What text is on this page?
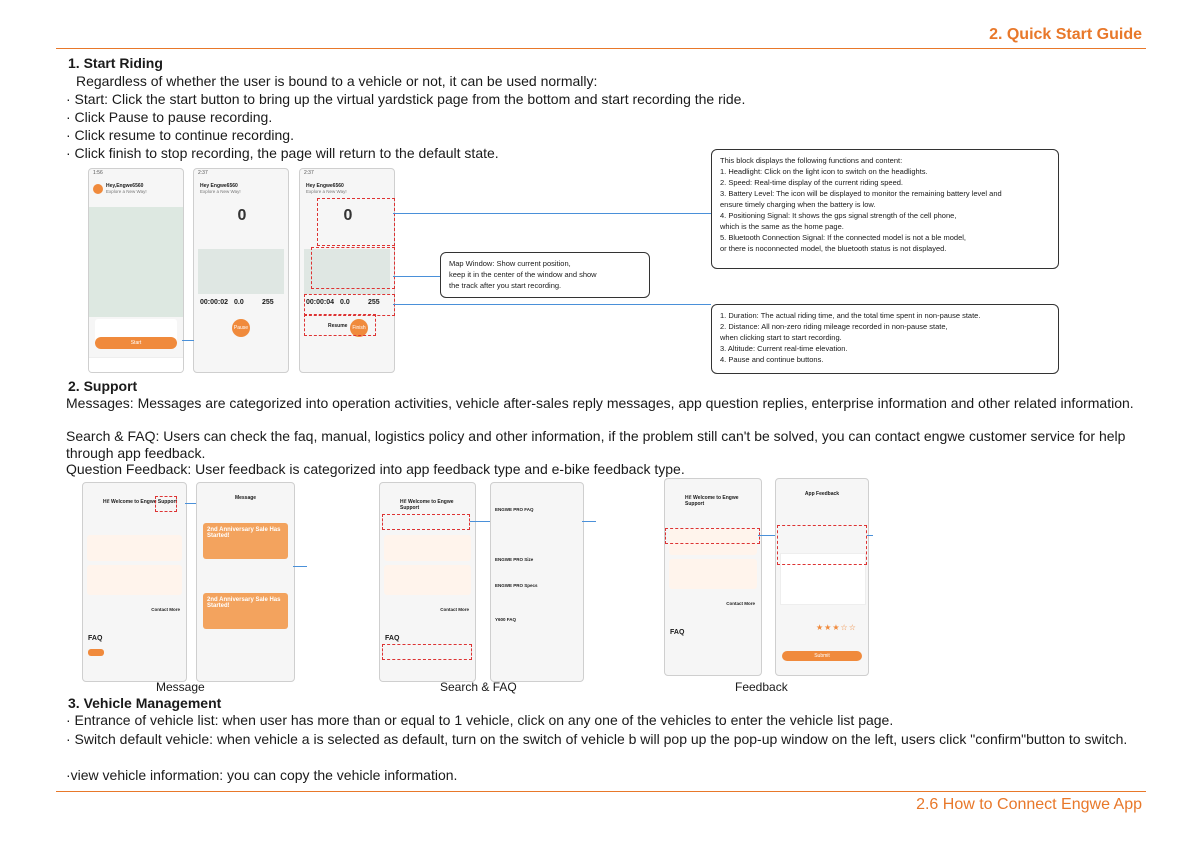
2. Quick Start Guide
1. Start Riding
Regardless of whether the user is bound to a vehicle or not, it can be used normally:
· Start: Click the start button to bring up the virtual yardstick page from the bottom and start recording the ride.
· Click Pause to pause recording.
· Click resume to continue recording.
· Click finish to stop recording, the page will return to the default state.
1:56
Hey,Engwe6560
Explore a New Way!
Start
2:37
Hey Engwe6560
Explore a New Way!
0
00:00:02 0.0	255
Pause
2:37
Hey Engwe6560
Explore a New Way!
0
00:00:04 0.0	255
Resume Finish
This block displays the following functions and content:
1. Headlight: Click on the light icon to switch on the headlights.
2. Speed: Real-time display of the current riding speed.
3. Battery Level: The icon will be displayed to monitor the remaining battery level and
ensure timely charging when the battery is low.
4. Positioning Signal: It shows the gps signal strength of the cell phone,
which is the same as the home page.
5. Bluetooth Connection Signal: If the connected model is not a ble model,
or there is noconnected model, the bluetooth status is not displayed.
Map Window: Show current position,
keep it in the center of the window and show
the track after you start recording.
1. Duration: The actual riding time, and the total time spent in non-pause state.
2. Distance: All non-zero riding mileage recorded in non-pause state,
when clicking start to start recording.
3. Altitude: Current real-time elevation.
4. Pause and continue buttons.
2. Support
Messages: Messages are categorized into operation activities, vehicle after-sales reply messages, app question replies, enterprise information and other related information.
Search & FAQ: Users can check the faq, manual, logistics policy and other information, if the problem still can't be solved, you can contact engwe customer service for help through app feedback.
Question Feedback: User feedback is categorized into app feedback type and e-bike feedback type.
Hi! Welcome to Engwe Support
Contact More
FAQ
Message
2nd Anniversary Sale Has Started!
2nd Anniversary Sale Has Started!
Hi! Welcome to Engwe Support
Contact More
FAQ
ENGWE PRO FAQ
ENGWE PRO Size
ENGWE PRO Specs
Y600 FAQ
Hi! Welcome to Engwe Support
Contact More
FAQ
App Feedback
★★★☆☆
Submit
Message	Search & FAQ	Feedback
3. Vehicle Management
· Entrance of vehicle list: when user has more than or equal to 1 vehicle, click on any one of the vehicles to enter the vehicle list page.
· Switch default vehicle: when vehicle a is selected as default, turn on the switch of vehicle b will pop up the pop-up window on the left, users click "confirm"button to switch.
·view vehicle information: you can copy the vehicle information.
2.6 How to Connect Engwe App
